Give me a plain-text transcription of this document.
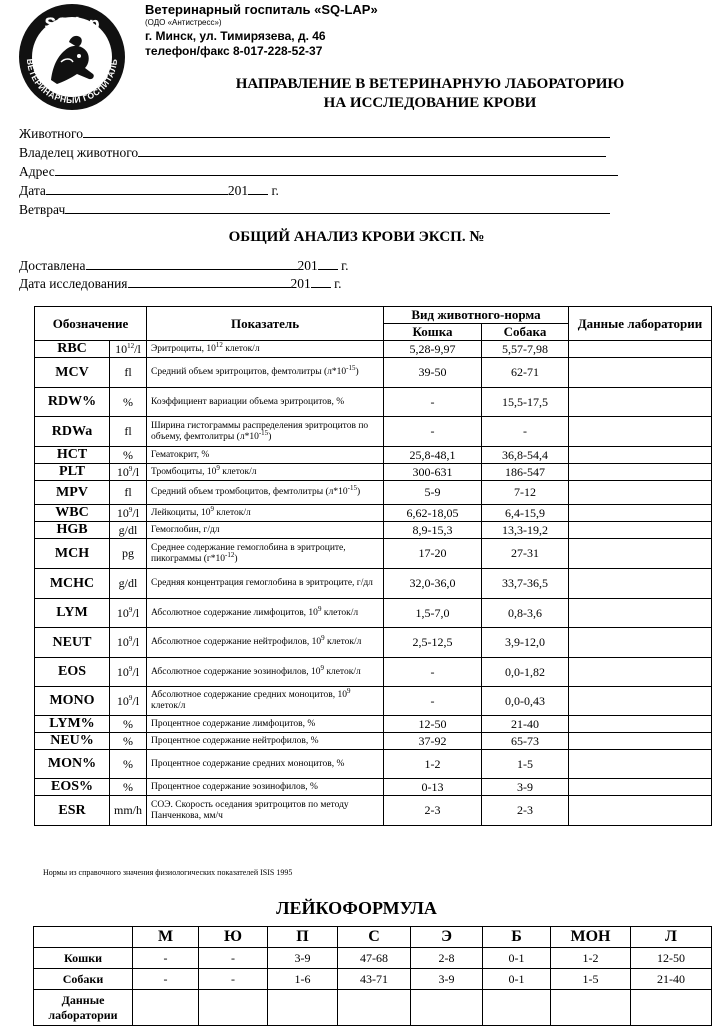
SQ-lap
ВЕТЕРИНАРНЫЙ ГОСПИТАЛЬ
Ветеринарный госпиталь «SQ-LAP»
(ОДО «Антистресс»)
г. Минск, ул. Тимирязева, д. 46
телефон/факс 8-017-228-52-37
НАПРАВЛЕНИЕ В ВЕТЕРИНАРНУЮ ЛАБОРАТОРИЮ
НА ИССЛЕДОВАНИЕ КРОВИ
Животного
Владелец животного
Адрес
Дата	201 г.
Ветврач
ОБЩИЙ АНАЛИЗ КРОВИ ЭКСП. №
Доставлена	201 г.
Дата исследования	201 г.
Обозначение		Показатель	Вид животного-норма		Данные лаборатории
			Кошка	Собака	
RBC	$10^{12}/l$	Эритроциты, $10^{12}$ клеток/л	5,28-9,97	5,57-7,98	
MCV	fl	Средний объем эритроцитов, фемтолитры $(л*10^{-15})$	39-50	62-71	
RDW%	%	Коэффициент вариации объема эритроцитов, %	-	15,5-17,5	
RDWa	fl	Ширина гистограммы распределения эритроцитов по объему, фемтолитры $(л*10^{-15})$	-	-	
HCT	%	Гематокрит, %	25,8-48,1	36,8-54,4	
PLT	$10^9/l$	Тромбоциты, $10^9$ клеток/л	300-631	186-547	
MPV	fl	Средний объем тромбоцитов, фемтолитры $(л*10^{-15})$	5-9	7-12	
WBC	$10^9/l$	Лейкоциты, $10^9$ клеток/л	6,62-18,05	6,4-15,9	
HGB	g/dl	Гемоглобин, г/дл	8,9-15,3	13,3-19,2	
MCH	pg	Среднее содержание гемоглобина в эритроците, пикограммы $(г*10^{-12})$	17-20	27-31	
MCHC	g/dl	Средняя концентрация гемоглобина в эритроците, г/дл	32,0-36,0	33,7-36,5	
LYM	$10^9/l$	Абсолютное содержание лимфоцитов, $10^9$ клеток/л	1,5-7,0	0,8-3,6	
NEUT	$10^9/l$	Абсолютное содержание нейтрофилов, $10^9$ клеток/л	2,5-12,5	3,9-12,0	
EOS	$10^9/l$	Абсолютное содержание эозинофилов, $10^9$ клеток/л	-	0,0-1,82	
MONO	$10^9/l$	Абсолютное содержание средних моноцитов, $10^9$ клеток/л	-	0,0-0,43	
LYM%	%	Процентное содержание лимфоцитов, %	12-50	21-40	
NEU%	%	Процентное содержание нейтрофилов, %	37-92	65-73	
MON%	%	Процентное содержание средних моноцитов, %	1-2	1-5	
EOS%	%	Процентное содержание эозинофилов, %	0-13	3-9	
ESR	mm/h	СОЭ. Скорость оседания эритроцитов по методу Панченкова, мм/ч	2-3	2-3	
Нормы из справочного значения физиологических показателей ISIS 1995
ЛЕЙКОФОРМУЛА
	М	Ю	П	С	Э	Б	МОН	Л
Кошки	-	-	3-9	47-68	2-8	0-1	1-2	12-50
Собаки	-	-	1-6	43-71	3-9	0-1	1-5	21-40
Данные лаборатории								
